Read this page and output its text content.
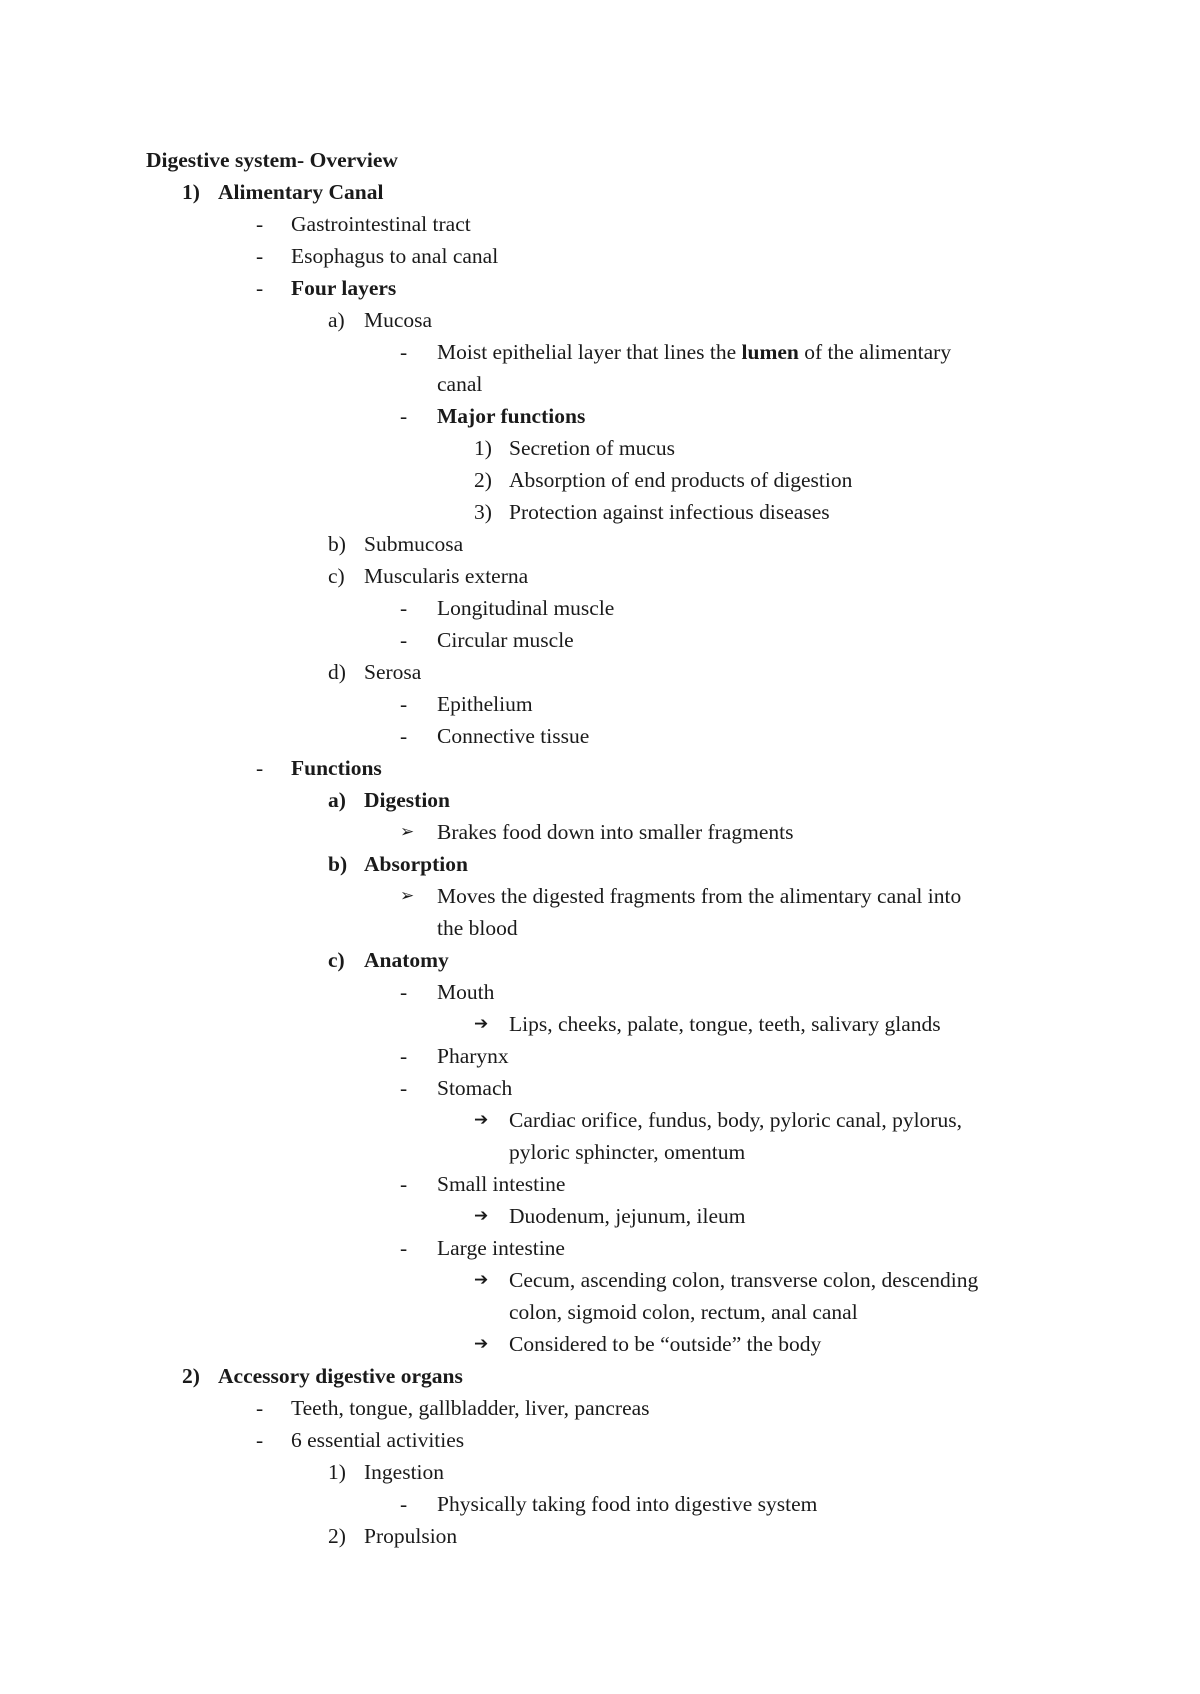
Digestive system- Overview
1) Alimentary Canal
- Gastrointestinal tract
- Esophagus to anal canal
- Four layers
a) Mucosa
- Moist epithelial layer that lines the lumen of the alimentary
canal
- Major functions
1) Secretion of mucus
2) Absorption of end products of digestion
3) Protection against infectious diseases
b) Submucosa
c) Muscularis externa
- Longitudinal muscle
- Circular muscle
d) Serosa
- Epithelium
- Connective tissue
- Functions
a) Digestion
➢ Brakes food down into smaller fragments
b) Absorption
➢ Moves the digested fragments from the alimentary canal into
the blood
c) Anatomy
- Mouth
➔ Lips, cheeks, palate, tongue, teeth, salivary glands
- Pharynx
- Stomach
➔ Cardiac orifice, fundus, body, pyloric canal, pylorus,
pyloric sphincter, omentum
- Small intestine
➔ Duodenum, jejunum, ileum
- Large intestine
➔ Cecum, ascending colon, transverse colon, descending
colon, sigmoid colon, rectum, anal canal
➔ Considered to be “outside” the body
2) Accessory digestive organs
- Teeth, tongue, gallbladder, liver, pancreas
- 6 essential activities
1) Ingestion
- Physically taking food into digestive system
2) Propulsion
